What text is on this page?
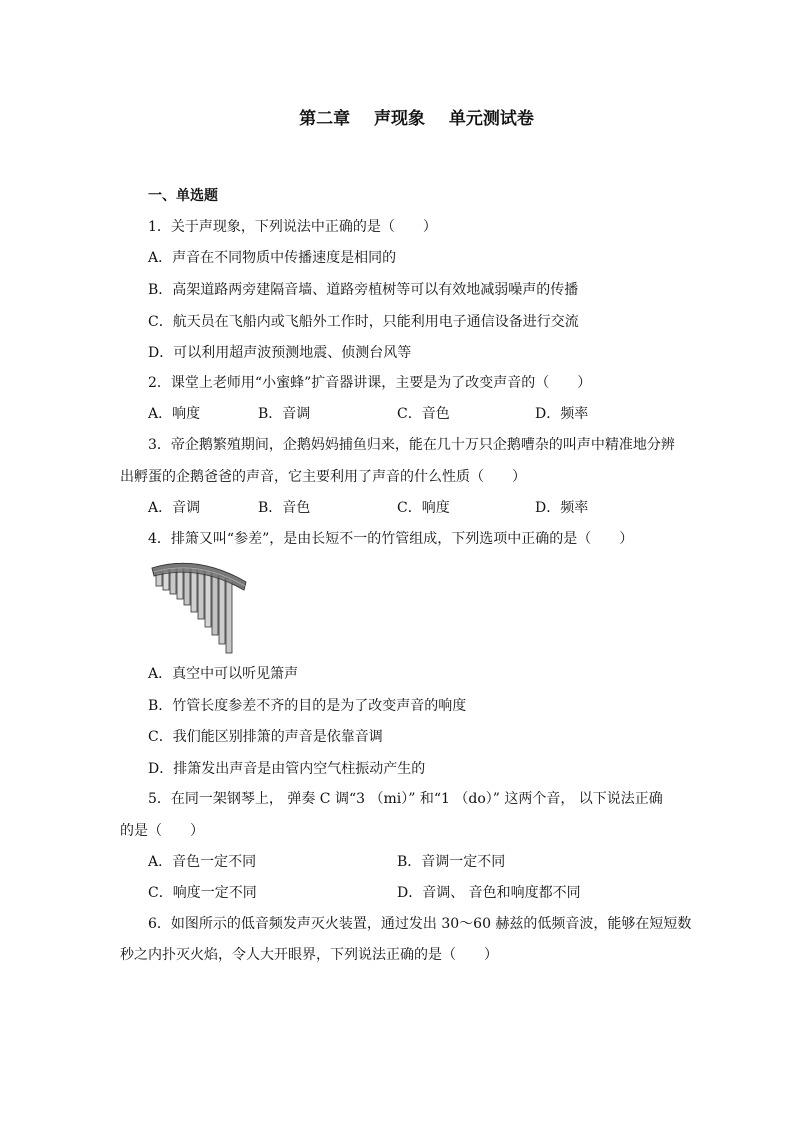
第二章 声现象 单元测试卷
一、单选题
1．关于声现象，下列说法中正确的是（　　）
A．声音在不同物质中传播速度是相同的
B．高架道路两旁建隔音墙、道路旁植树等可以有效地减弱噪声的传播
C．航天员在飞船内或飞船外工作时，只能利用电子通信设备进行交流
D．可以利用超声波预测地震、侦测台风等
2．课堂上老师用“小蜜蜂”扩音器讲课，主要是为了改变声音的（　　）
A．响度	B．音调	C．音色	D．频率
3．帝企鹅繁殖期间，企鹅妈妈捕鱼归来，能在几十万只企鹅嘈杂的叫声中精准地分辨
出孵蛋的企鹅爸爸的声音，它主要利用了声音的什么性质（　　）
A．音调	B．音色	C．响度	D．频率
4．排箫又叫“参差”，是由长短不一的竹管组成，下列选项中正确的是（　　）
A．真空中可以听见箫声
B．竹管长度参差不齐的目的是为了改变声音的响度
C．我们能区别排箫的声音是依靠音调
D．排箫发出声音是由管内空气柱振动产生的
5．在同一架钢琴上， 弹奏 C 调“3 （mi）” 和“1 （do）” 这两个音， 以下说法正确
的是（　　）
A．音色一定不同	B．音调一定不同
C．响度一定不同	D．音调、 音色和响度都不同
6．如图所示的低音频发声灭火装置，通过发出 30～60 赫兹的低频音波，能够在短短数
秒之内扑灭火焰，令人大开眼界，下列说法正确的是（　　）
